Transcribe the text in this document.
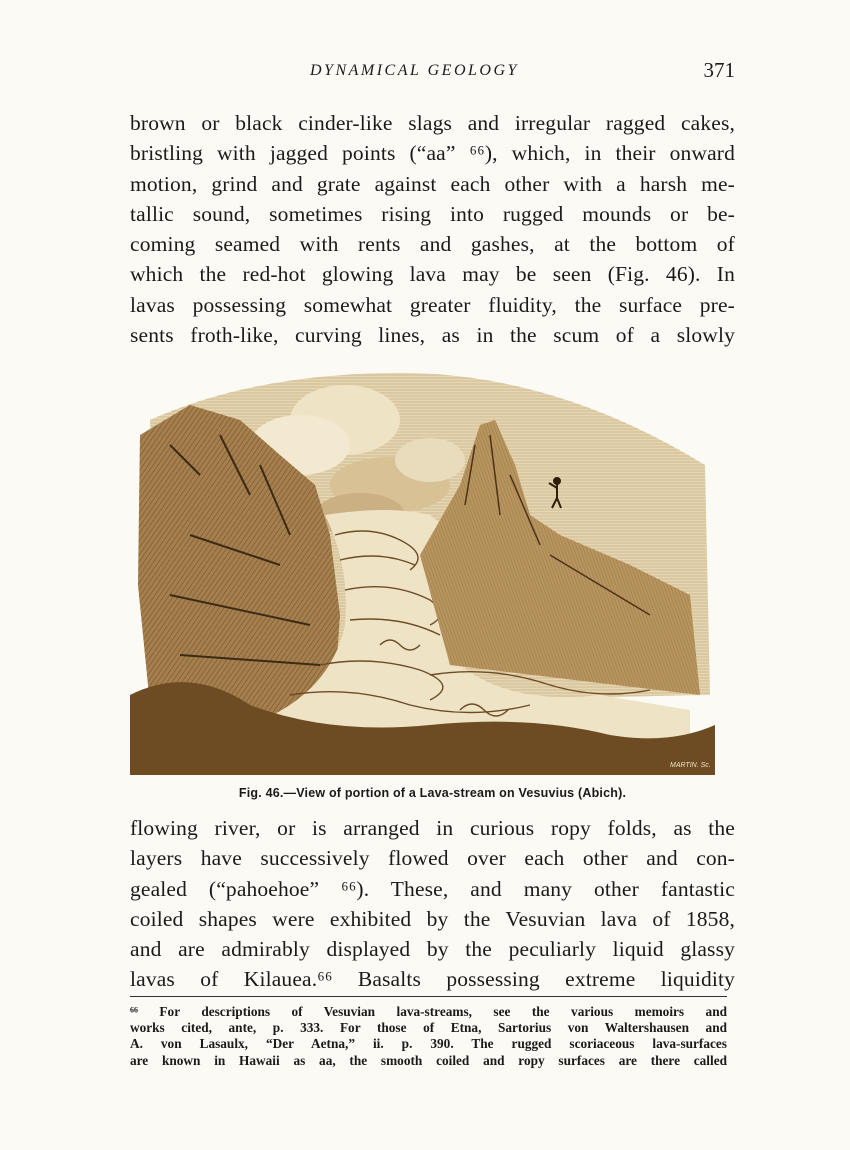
DYNAMICAL GEOLOGY	371
brown or black cinder-like slags and irregular ragged cakes,
bristling with jagged points (“aa” ⁶⁶), which, in their onward
motion, grind and grate against each other with a harsh me-
tallic sound, sometimes rising into rugged mounds or be-
coming seamed with rents and gashes, at the bottom of
which the red-hot glowing lava may be seen (Fig. 46). In
lavas possessing somewhat greater fluidity, the surface pre-
sents froth-like, curving lines, as in the scum of a slowly
MARTIN. Sc.
Fig. 46.—View of portion of a Lava-stream on Vesuvius (Abich).
flowing river, or is arranged in curious ropy folds, as the
layers have successively flowed over each other and con-
gealed (“pahoehoe” ⁶⁶). These, and many other fantastic
coiled shapes were exhibited by the Vesuvian lava of 1858,
and are admirably displayed by the peculiarly liquid glassy
lavas of Kilauea.⁶⁶ Basalts possessing extreme liquidity
⁶⁶ For descriptions of Vesuvian lava-streams, see the various memoirs and
works cited, ante, p. 333. For those of Etna, Sartorius von Waltershausen and
A. von Lasaulx, “Der Aetna,” ii. p. 390. The rugged scoriaceous lava-surfaces
are known in Hawaii as aa, the smooth coiled and ropy surfaces are there called
